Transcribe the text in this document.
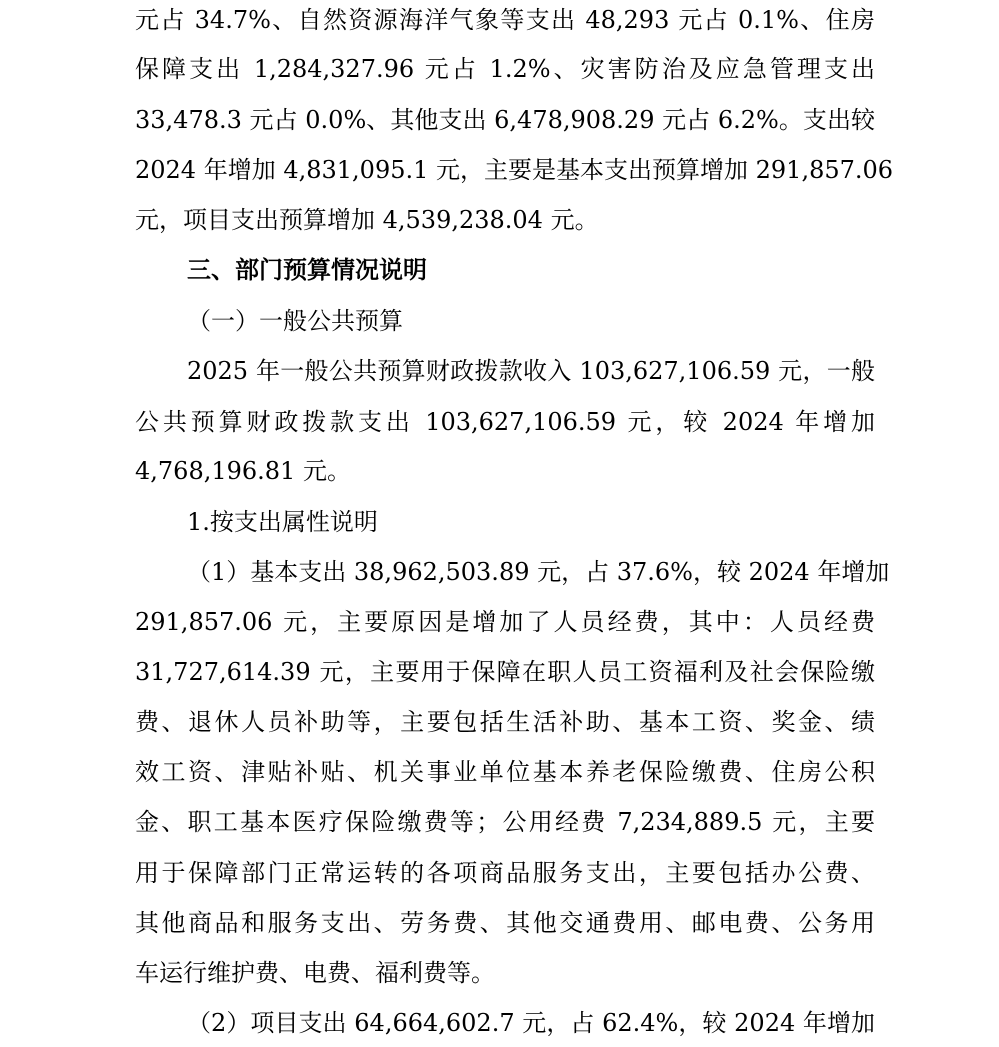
元占 34.7%、自然资源海洋气象等支出 48,293 元占 0.1%、住房
保障支出 1,284,327.96 元占 1.2%、灾害防治及应急管理支出
33,478.3 元占 0.0%、其他支出 6,478,908.29 元占 6.2%。支出较
2024 年增加 4,831,095.1 元，主要是基本支出预算增加 291,857.06
元，项目支出预算增加 4,539,238.04 元。
三、部门预算情况说明
（一）一般公共预算
2025 年一般公共预算财政拨款收入 103,627,106.59 元，一般
公共预算财政拨款支出 103,627,106.59 元，较 2024 年增加
4,768,196.81 元。
1.按支出属性说明
（1）基本支出 38,962,503.89 元，占 37.6%，较 2024 年增加
291,857.06 元，主要原因是增加了人员经费，其中：人员经费
31,727,614.39 元，主要用于保障在职人员工资福利及社会保险缴
费、退休人员补助等，主要包括生活补助、基本工资、奖金、绩
效工资、津贴补贴、机关事业单位基本养老保险缴费、住房公积
金、职工基本医疗保险缴费等；公用经费 7,234,889.5 元，主要
用于保障部门正常运转的各项商品服务支出，主要包括办公费、
其他商品和服务支出、劳务费、其他交通费用、邮电费、公务用
车运行维护费、电费、福利费等。
（2）项目支出 64,664,602.7 元，占 62.4%，较 2024 年增加
